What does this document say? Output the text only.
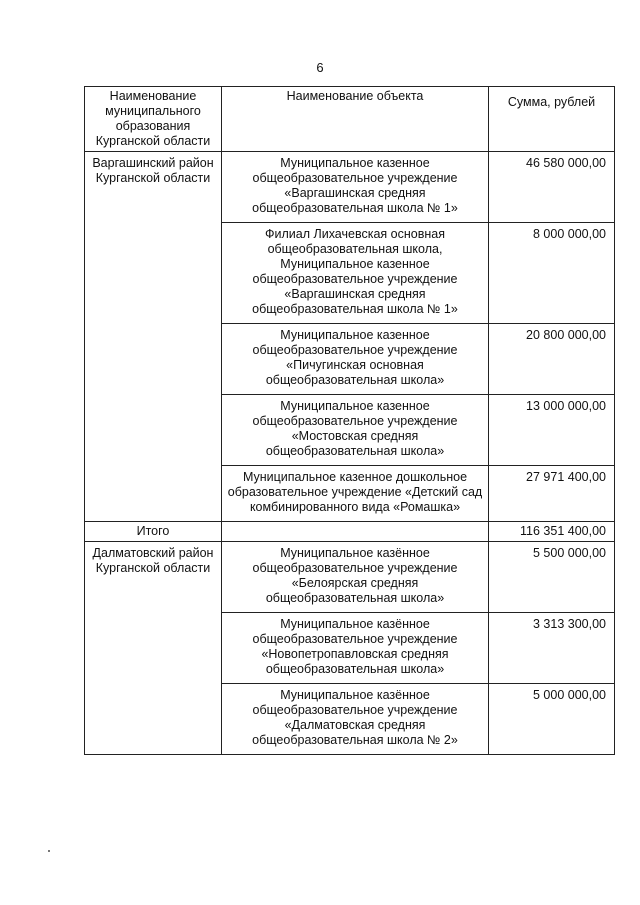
6
Наименование муниципального образования Курганской области	Наименование объекта	Сумма, рублей
Варгашинский район Курганской области	Муниципальное казенное общеобразовательное учреждение «Варгашинская средняя общеобразовательная школа № 1»	46 580 000,00
	Филиал Лихачевская основная общеобразовательная школа, Муниципальное казенное общеобразовательное учреждение «Варгашинская средняя общеобразовательная школа № 1»	8 000 000,00
	Муниципальное казенное общеобразовательное учреждение «Пичугинская основная общеобразовательная школа»	20 800 000,00
	Муниципальное казенное общеобразовательное учреждение «Мостовская средняя общеобразовательная школа»	13 000 000,00
	Муниципальное казенное дошкольное образовательное учреждение «Детский сад комбинированного вида «Ромашка»	27 971 400,00
Итого		116 351 400,00
Далматовский район Курганской области	Муниципальное казённое общеобразовательное учреждение «Белоярская средняя общеобразовательная школа»	5 500 000,00
	Муниципальное казённое общеобразовательное учреждение «Новопетропавловская средняя общеобразовательная школа»	3 313 300,00
	Муниципальное казённое общеобразовательное учреждение «Далматовская средняя общеобразовательная школа № 2»	5 000 000,00
